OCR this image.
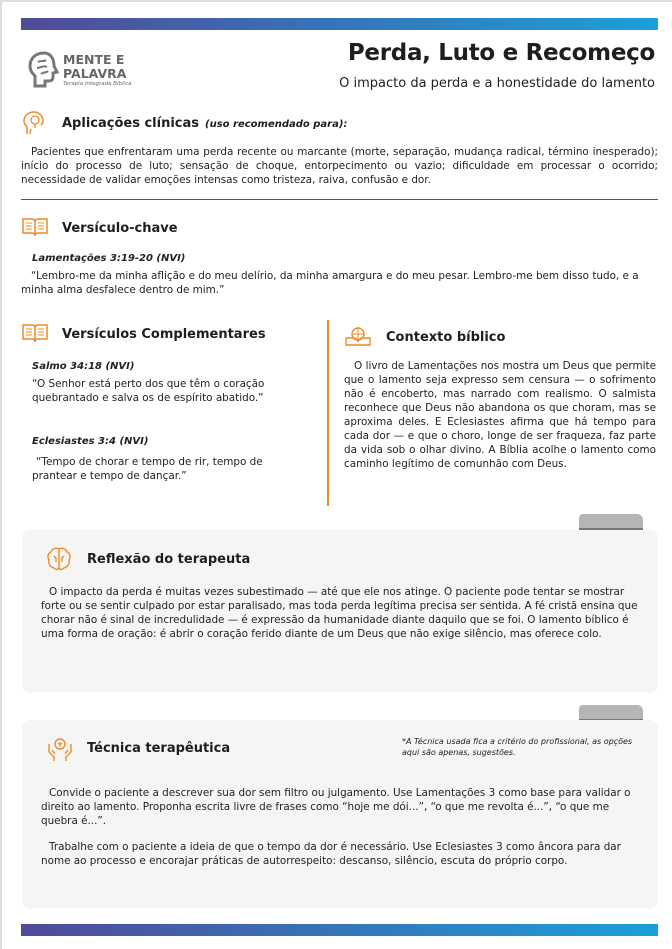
MENTE E
PALAVRA
Terapia Integrada Bíblica
Perda, Luto e Recomeço
O impacto da perda e a honestidade do lamento
Aplicações clínicas (uso recomendado para):
Pacientes que enfrentaram uma perda recente ou marcante (morte, separação, mudança radical, término inesperado); início do processo de luto; sensação de choque, entorpecimento ou vazio; dificuldade em processar o ocorrido; necessidade de validar emoções intensas como tristeza, raiva, confusão e dor.
Versículo-chave
Lamentações 3:19-20 (NVI)
“Lembro-me da minha aflição e do meu delírio, da minha amargura e do meu pesar. Lembro-me bem disso tudo, e a minha alma desfalece dentro de mim.”
Versículos Complementares
Salmo 34:18 (NVI)
“O Senhor está perto dos que têm o coração quebrantado e salva os de espírito abatido.”
Eclesiastes 3:4 (NVI)
“Tempo de chorar e tempo de rir, tempo de prantear e tempo de dançar.”
Contexto bíblico
O livro de Lamentações nos mostra um Deus que permite que o lamento seja expresso sem censura — o sofrimento não é encoberto, mas narrado com realismo. O salmista reconhece que Deus não abandona os que choram, mas se aproxima deles. E Eclesiastes afirma que há tempo para cada dor — e que o choro, longe de ser fraqueza, faz parte da vida sob o olhar divino. A Bíblia acolhe o lamento como caminho legítimo de comunhão com Deus.
Reflexão do terapeuta
O impacto da perda é muitas vezes subestimado — até que ele nos atinge. O paciente pode tentar se mostrar forte ou se sentir culpado por estar paralisado, mas toda perda legítima precisa ser sentida. A fé cristã ensina que chorar não é sinal de incredulidade — é expressão da humanidade diante daquilo que se foi. O lamento bíblico é uma forma de oração: é abrir o coração ferido diante de um Deus que não exige silêncio, mas oferece colo.
Técnica terapêutica	*A Técnica usada fica a critério do profissional, as opções aqui são apenas, sugestões.
Convide o paciente a descrever sua dor sem filtro ou julgamento. Use Lamentações 3 como base para validar o direito ao lamento. Proponha escrita livre de frases como “hoje me dói...”, “o que me revolta é...”, “o que me quebra é...”.
Trabalhe com o paciente a ideia de que o tempo da dor é necessário. Use Eclesiastes 3 como âncora para dar nome ao processo e encorajar práticas de autorrespeito: descanso, silêncio, escuta do próprio corpo.
